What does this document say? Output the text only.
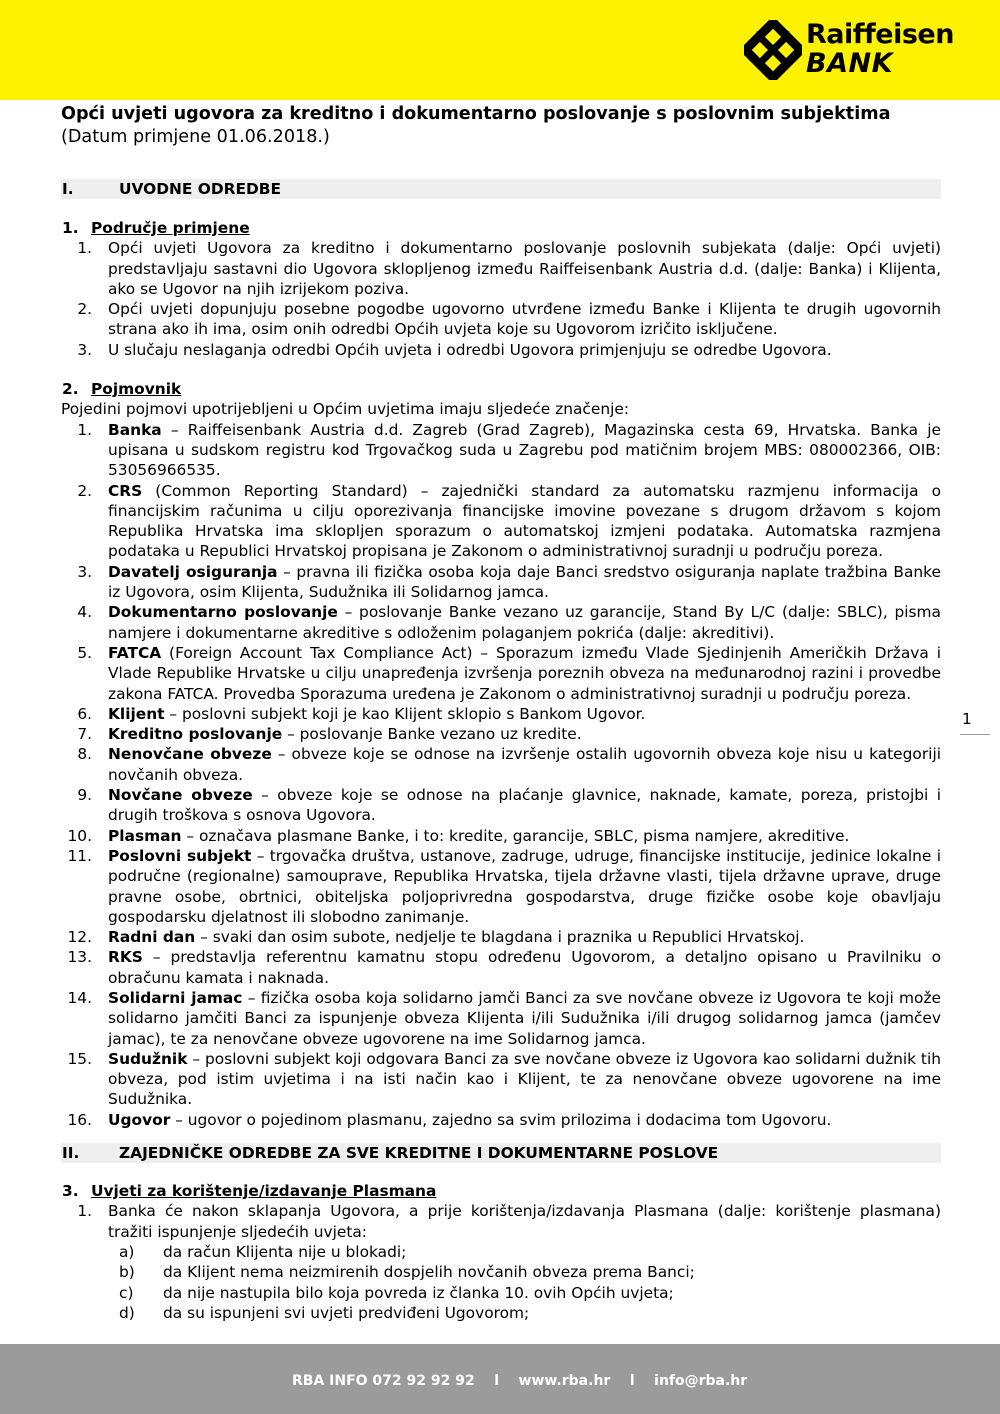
Raiffeisen
BANK
Opći uvjeti ugovora za kreditno i dokumentarno poslovanje s poslovnim subjektima
(Datum primjene 01.06.2018.)
I.	UVODNE ODREDBE
1. Područje primjene
1.	Opći uvjeti Ugovora za kreditno i dokumentarno poslovanje poslovnih subjekata (dalje: Opći uvjeti) predstavljaju sastavni dio Ugovora sklopljenog između Raiffeisenbank Austria d.d. (dalje: Banka) i Klijenta, ako se Ugovor na njih izrijekom poziva.
2.	Opći uvjeti dopunjuju posebne pogodbe ugovorno utvrđene između Banke i Klijenta te drugih ugovornih strana ako ih ima, osim onih odredbi Općih uvjeta koje su Ugovorom izričito isključene.
3.	U slučaju neslaganja odredbi Općih uvjeta i odredbi Ugovora primjenjuju se odredbe Ugovora.
2. Pojmovnik
Pojedini pojmovi upotrijebljeni u Općim uvjetima imaju sljedeće značenje:
1.	Banka – Raiffeisenbank Austria d.d. Zagreb (Grad Zagreb), Magazinska cesta 69, Hrvatska. Banka je upisana u sudskom registru kod Trgovačkog suda u Zagrebu pod matičnim brojem MBS: 080002366, OIB: 53056966535.
2.	CRS (Common Reporting Standard) – zajednički standard za automatsku razmjenu informacija o financijskim računima u cilju oporezivanja financijske imovine povezane s drugom državom s kojom Republika Hrvatska ima sklopljen sporazum o automatskoj izmjeni podataka. Automatska razmjena podataka u Republici Hrvatskoj propisana je Zakonom o administrativnoj suradnji u području poreza.
3.	Davatelj osiguranja – pravna ili fizička osoba koja daje Banci sredstvo osiguranja naplate tražbina Banke iz Ugovora, osim Klijenta, Sudužnika ili Solidarnog jamca.
4.	Dokumentarno poslovanje – poslovanje Banke vezano uz garancije, Stand By L/C (dalje: SBLC), pisma namjere i dokumentarne akreditive s odloženim polaganjem pokrića (dalje: akreditivi).
5.	FATCA (Foreign Account Tax Compliance Act) – Sporazum između Vlade Sjedinjenih Američkih Država i Vlade Republike Hrvatske u cilju unapređenja izvršenja poreznih obveza na međunarodnoj razini i provedbe zakona FATCA. Provedba Sporazuma uređena je Zakonom o administrativnoj suradnji u području poreza.
6.	Klijent – poslovni subjekt koji je kao Klijent sklopio s Bankom Ugovor.
7.	Kreditno poslovanje – poslovanje Banke vezano uz kredite.
8.	Nenovčane obveze – obveze koje se odnose na izvršenje ostalih ugovornih obveza koje nisu u kategoriji novčanih obveza.
9.	Novčane obveze – obveze koje se odnose na plaćanje glavnice, naknade, kamate, poreza, pristojbi i drugih troškova s osnova Ugovora.
10.	Plasman – označava plasmane Banke, i to: kredite, garancije, SBLC, pisma namjere, akreditive.
11.	Poslovni subjekt – trgovačka društva, ustanove, zadruge, udruge, financijske institucije, jedinice lokalne i područne (regionalne) samouprave, Republika Hrvatska, tijela državne vlasti, tijela državne uprave, druge pravne osobe, obrtnici, obiteljska poljoprivredna gospodarstva, druge fizičke osobe koje obavljaju gospodarsku djelatnost ili slobodno zanimanje.
12.	Radni dan – svaki dan osim subote, nedjelje te blagdana i praznika u Republici Hrvatskoj.
13.	RKS – predstavlja referentnu kamatnu stopu određenu Ugovorom, a detaljno opisano u Pravilniku o obračunu kamata i naknada.
14.	Solidarni jamac – fizička osoba koja solidarno jamči Banci za sve novčane obveze iz Ugovora te koji može solidarno jamčiti Banci za ispunjenje obveza Klijenta i/ili Sudužnika i/ili drugog solidarnog jamca (jamčev jamac), te za nenovčane obveze ugovorene na ime Solidarnog jamca.
15.	Sudužnik – poslovni subjekt koji odgovara Banci za sve novčane obveze iz Ugovora kao solidarni dužnik tih obveza, pod istim uvjetima i na isti način kao i Klijent, te za nenovčane obveze ugovorene na ime Sudužnika.
16.	Ugovor – ugovor o pojedinom plasmanu, zajedno sa svim prilozima i dodacima tom Ugovoru.
II.	ZAJEDNIČKE ODREDBE ZA SVE KREDITNE I DOKUMENTARNE POSLOVE
3. Uvjeti za korištenje/izdavanje Plasmana
1.	Banka će nakon sklapanja Ugovora, a prije korištenja/izdavanja Plasmana (dalje: korištenje plasmana) tražiti ispunjenje sljedećih uvjeta:
a)	da račun Klijenta nije u blokadi;
b)	da Klijent nema neizmirenih dospjelih novčanih obveza prema Banci;
c)	da nije nastupila bilo koja povreda iz članka 10. ovih Općih uvjeta;
d)	da su ispunjeni svi uvjeti predviđeni Ugovorom;
1
RBA INFO 072 92 92 92 l www.rba.hr l info@rba.hr
